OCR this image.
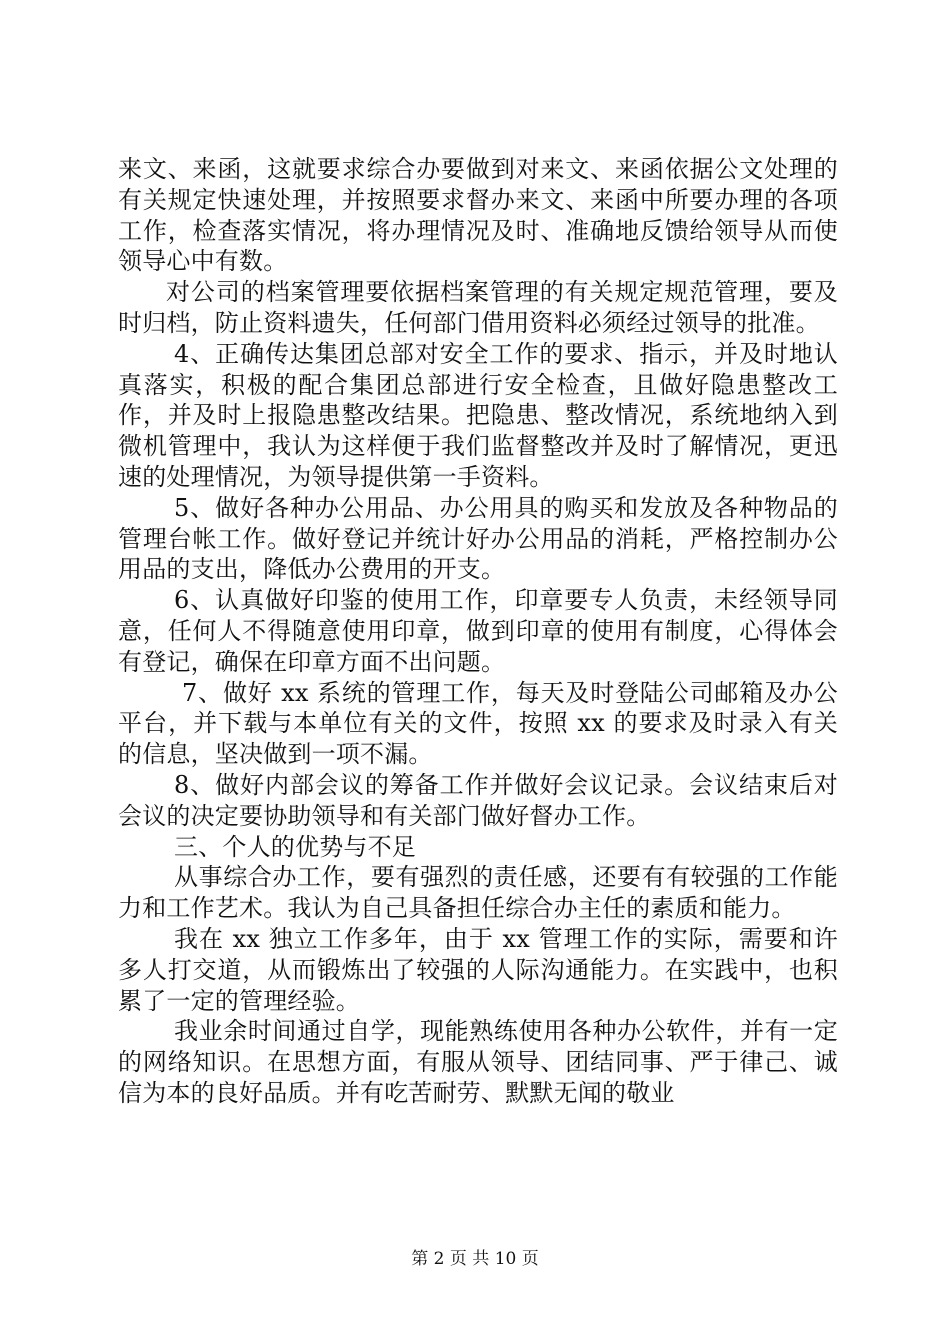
来文、来函，这就要求综合办要做到对来文、来函依据公文处理的有关规定快速处理，并按照要求督办来文、来函中所要办理的各项工作，检查落实情况，将办理情况及时、准确地反馈给领导从而使领导心中有数。

对公司的档案管理要依据档案管理的有关规定规范管理，要及时归档，防止资料遗失，任何部门借用资料必须经过领导的批准。

4、正确传达集团总部对安全工作的要求、指示，并及时地认真落实，积极的配合集团总部进行安全检查，且做好隐患整改工作，并及时上报隐患整改结果。把隐患、整改情况，系统地纳入到微机管理中，我认为这样便于我们监督整改并及时了解情况，更迅速的处理情况，为领导提供第一手资料。

5、做好各种办公用品、办公用具的购买和发放及各种物品的管理台帐工作。做好登记并统计好办公用品的消耗，严格控制办公用品的支出，降低办公费用的开支。

6、认真做好印鉴的使用工作，印章要专人负责，未经领导同意，任何人不得随意使用印章，做到印章的使用有制度，心得体会有登记，确保在印章方面不出问题。

7、做好 xx 系统的管理工作，每天及时登陆公司邮箱及办公平台，并下载与本单位有关的文件，按照 xx 的要求及时录入有关的信息，坚决做到一项不漏。

8、做好内部会议的筹备工作并做好会议记录。会议结束后对会议的决定要协助领导和有关部门做好督办工作。

三、个人的优势与不足

从事综合办工作，要有强烈的责任感，还要有有较强的工作能力和工作艺术。我认为自己具备担任综合办主任的素质和能力。

我在 xx 独立工作多年，由于 xx 管理工作的实际，需要和许多人打交道，从而锻炼出了较强的人际沟通能力。在实践中，也积累了一定的管理经验。

我业余时间通过自学，现能熟练使用各种办公软件，并有一定的网络知识。在思想方面，有服从领导、团结同事、严于律己、诚信为本的良好品质。并有吃苦耐劳、默默无闻的敬业

第 2 页 共 10 页
